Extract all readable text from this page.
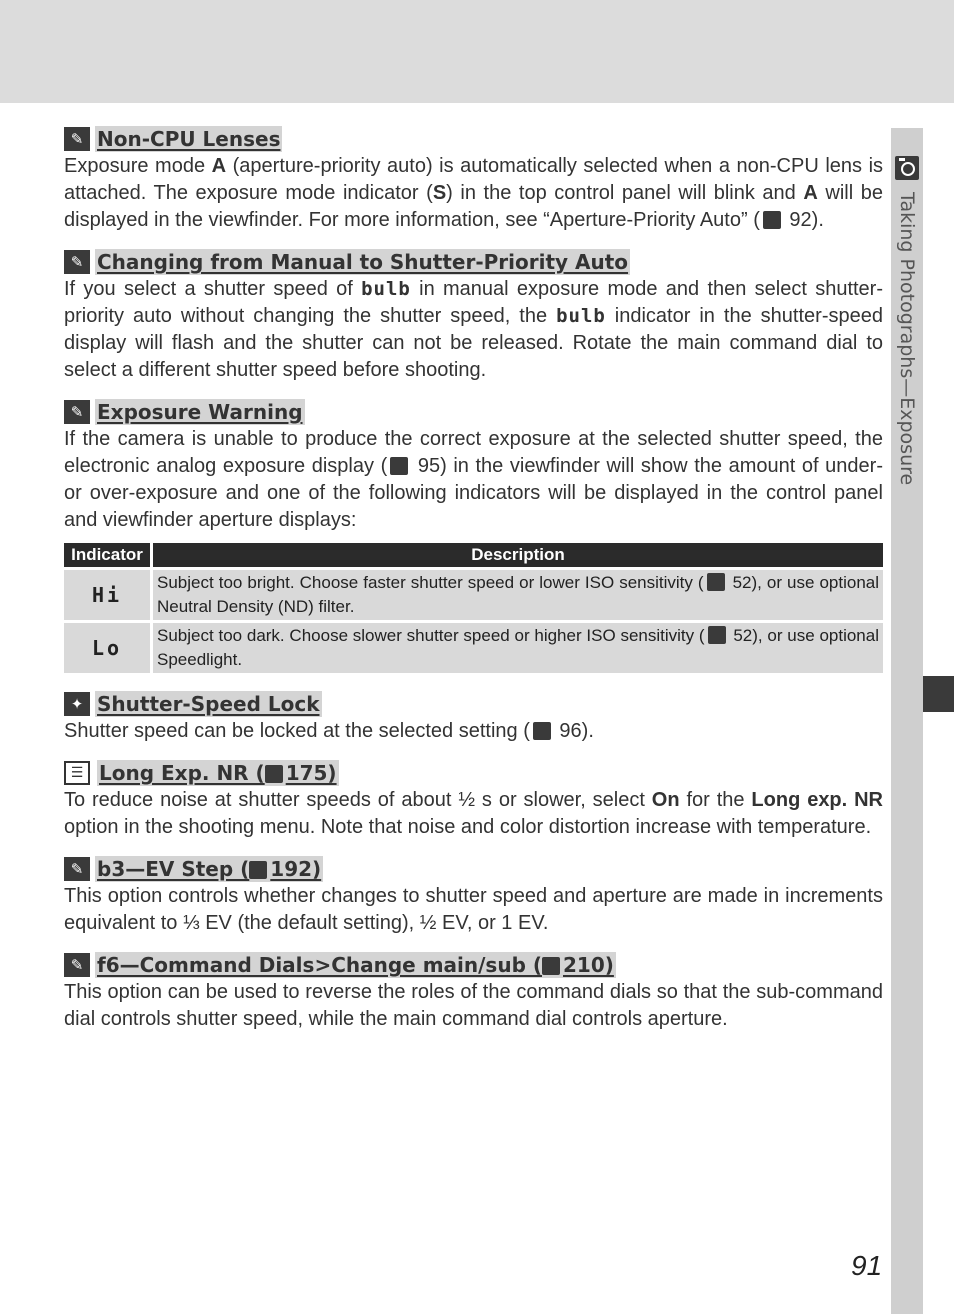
Taking Photographs—Exposure
✎ Non-CPU Lenses
Exposure mode A (aperture-priority auto) is automatically selected when a non-CPU lens is attached. The exposure mode indicator (S) in the top control panel will blink and A will be displayed in the viewfinder. For more information, see “Aperture-Priority Auto” ( 92).
✎ Changing from Manual to Shutter-Priority Auto
If you select a shutter speed of bulb in manual exposure mode and then select shutter-priority auto without changing the shutter speed, the bulb indicator in the shutter-speed display will flash and the shutter can not be released. Rotate the main command dial to select a different shutter speed before shooting.
✎ Exposure Warning
If the camera is unable to produce the correct exposure at the selected shutter speed, the electronic analog exposure display ( 95) in the viewfinder will show the amount of under- or over-exposure and one of the following indicators will be displayed in the control panel and viewfinder aperture displays:
Indicator	Description
Hi	Subject too bright. Choose faster shutter speed or lower ISO sensitivity ( 52), or use optional Neutral Density (ND) filter.
Lo	Subject too dark. Choose slower shutter speed or higher ISO sensitivity ( 52), or use optional Speedlight.
✦ Shutter-Speed Lock
Shutter speed can be locked at the selected setting ( 96).
☰ Long Exp. NR ( 175)
To reduce noise at shutter speeds of about ½ s or slower, select On for the Long exp. NR option in the shooting menu. Note that noise and color distortion increase with temperature.
✎ b3—EV Step ( 192)
This option controls whether changes to shutter speed and aperture are made in increments equivalent to ⅓ EV (the default setting), ½ EV, or 1 EV.
✎ f6—Command Dials>Change main/sub ( 210)
This option can be used to reverse the roles of the command dials so that the sub-command dial controls shutter speed, while the main command dial controls aperture.
91
